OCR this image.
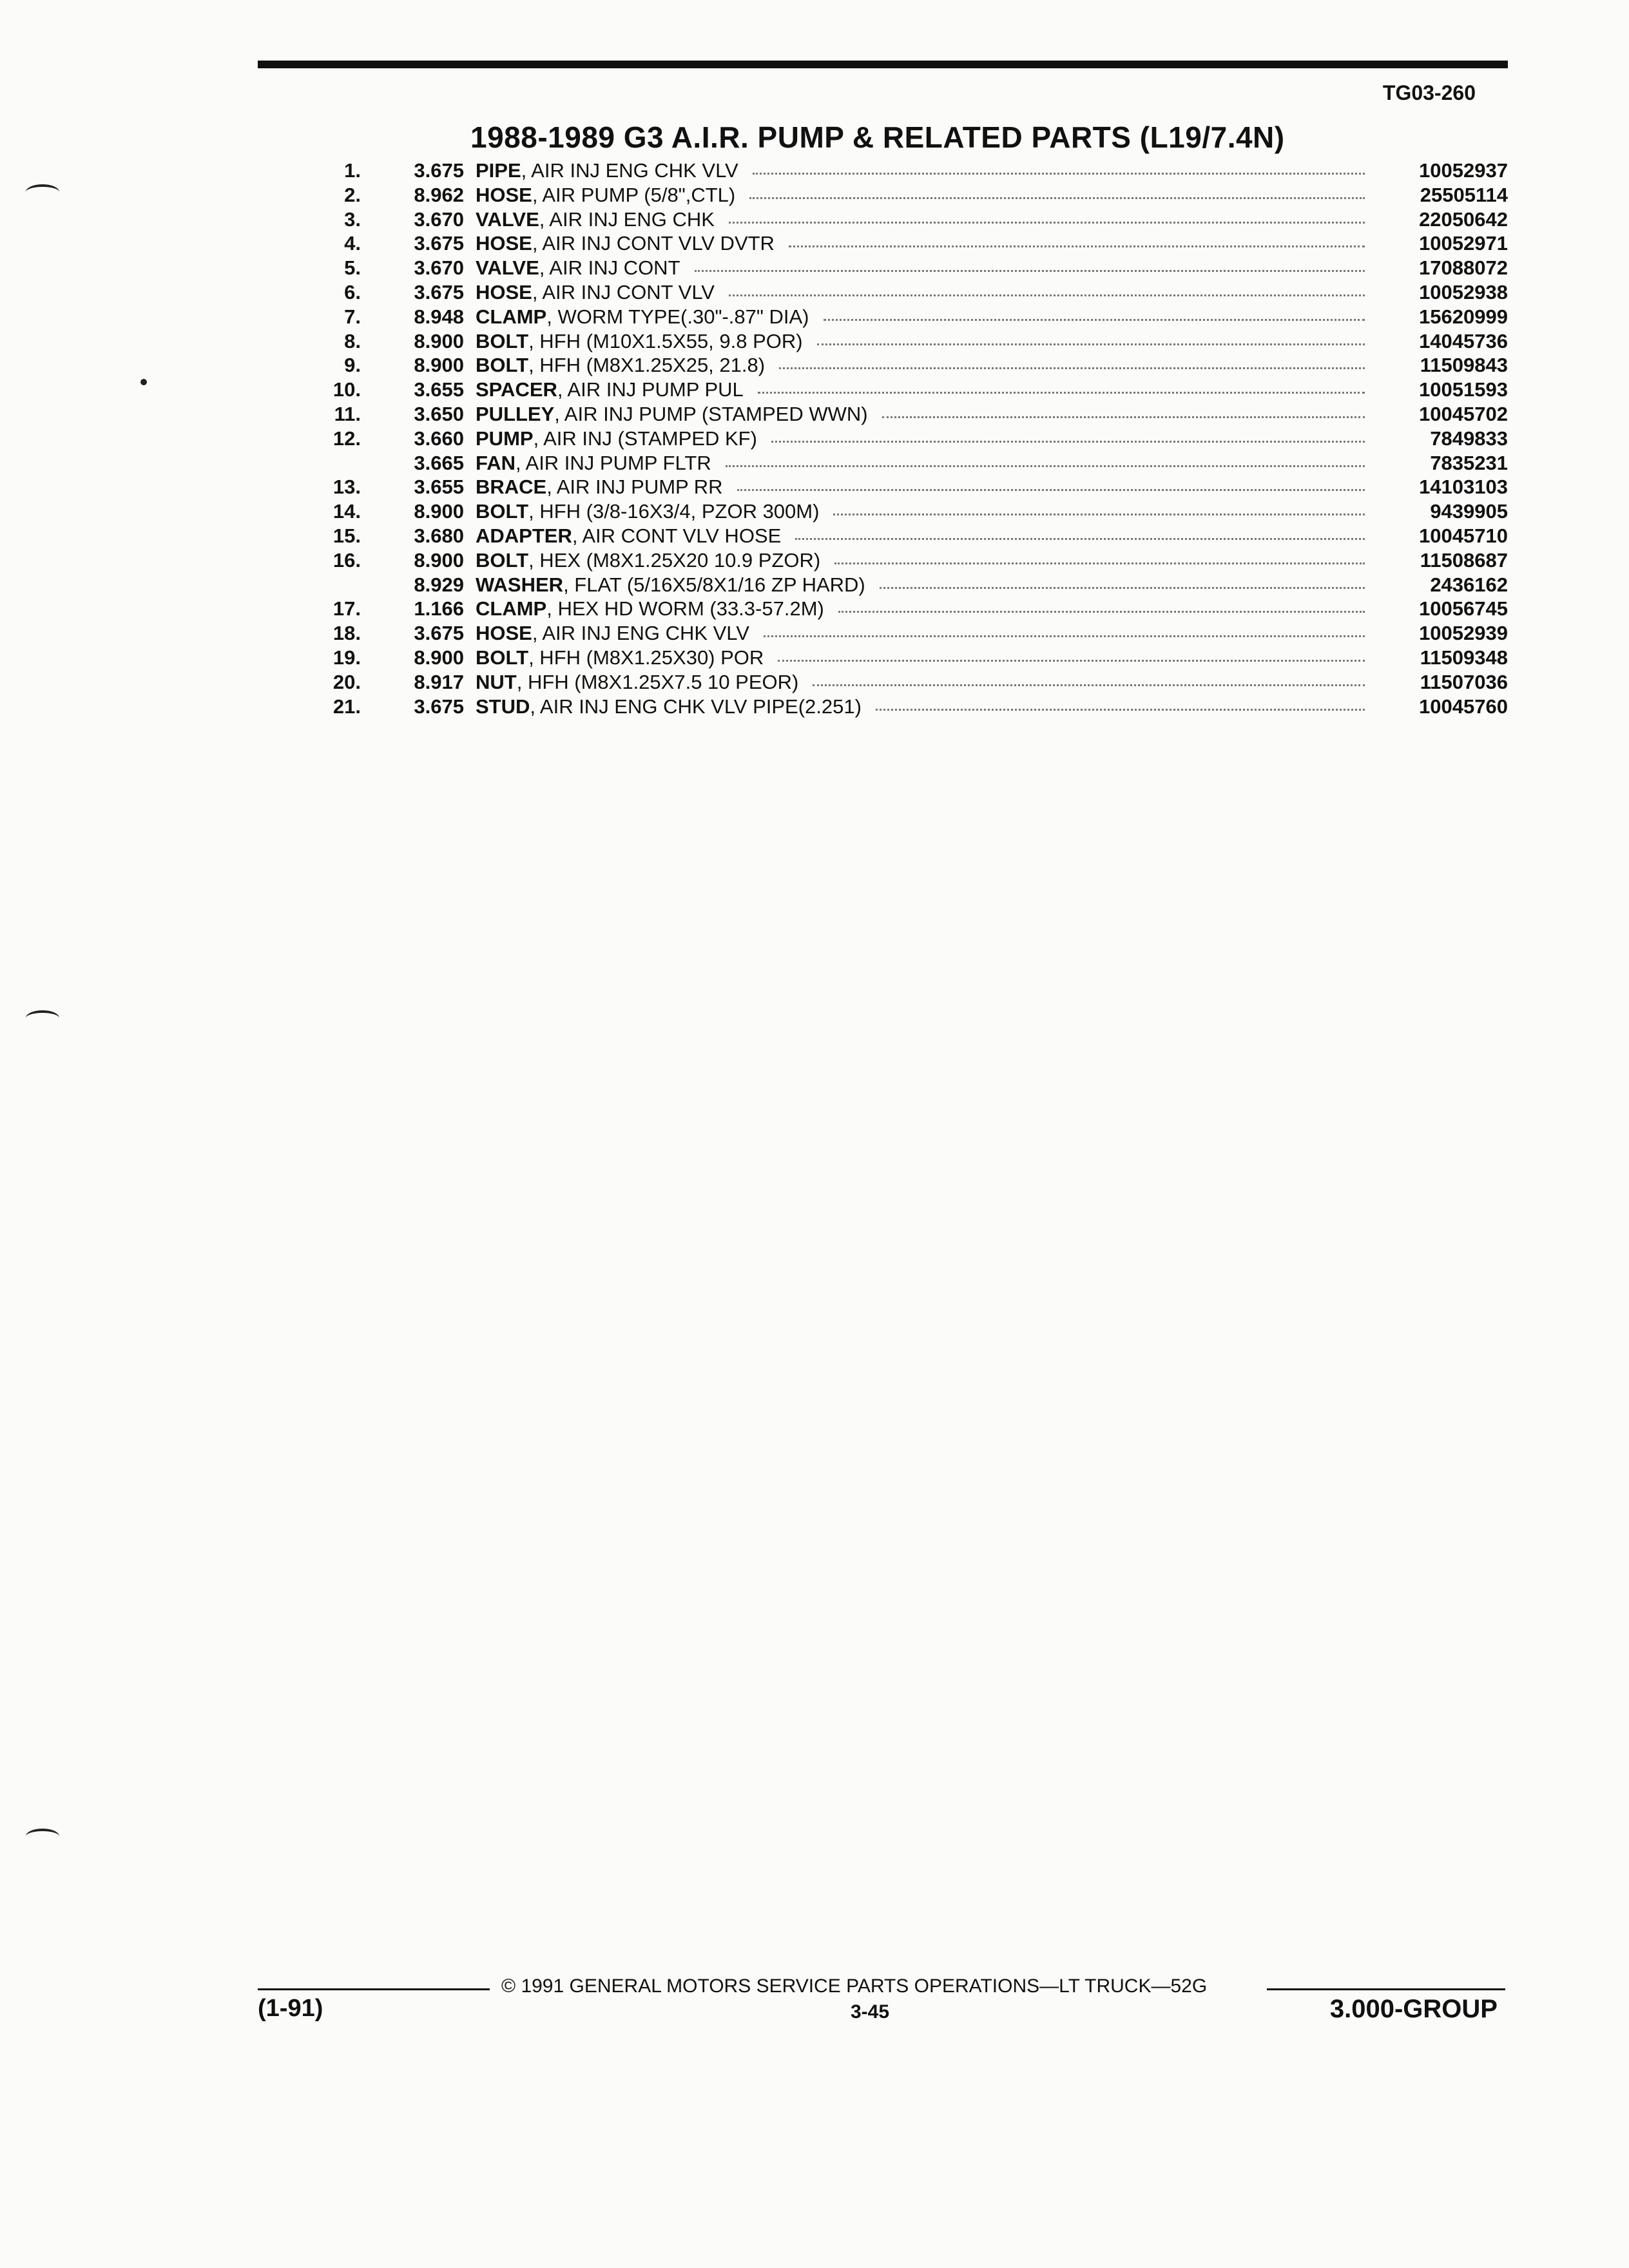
TG03-260
1988-1989 G3 A.I.R. PUMP & RELATED PARTS (L19/7.4N)
1.	3.675 PIPE , AIR INJ ENG CHK VLV	10052937
2.	8.962 HOSE , AIR PUMP (5/8",CTL)	25505114
3.	3.670 VALVE , AIR INJ ENG CHK	22050642
4.	3.675 HOSE , AIR INJ CONT VLV DVTR	10052971
5.	3.670 VALVE , AIR INJ CONT	17088072
6.	3.675 HOSE , AIR INJ CONT VLV	10052938
7.	8.948 CLAMP , WORM TYPE(.30"-.87" DIA)	15620999
8.	8.900 BOLT , HFH (M10X1.5X55, 9.8 POR)	14045736
9.	8.900 BOLT , HFH (M8X1.25X25, 21.8)	11509843
10.	3.655 SPACER , AIR INJ PUMP PUL	10051593
11.	3.650 PULLEY , AIR INJ PUMP (STAMPED WWN)	10045702
12.	3.660 PUMP , AIR INJ (STAMPED KF)	7849833
3.665 FAN , AIR INJ PUMP FLTR	7835231
13.	3.655 BRACE , AIR INJ PUMP RR	14103103
14.	8.900 BOLT , HFH (3/8-16X3/4, PZOR 300M)	9439905
15.	3.680 ADAPTER , AIR CONT VLV HOSE	10045710
16.	8.900 BOLT , HEX (M8X1.25X20 10.9 PZOR)	11508687
8.929 WASHER , FLAT (5/16X5/8X1/16 ZP HARD)	2436162
17.	1.166 CLAMP , HEX HD WORM (33.3-57.2M)	10056745
18.	3.675 HOSE , AIR INJ ENG CHK VLV	10052939
19.	8.900 BOLT , HFH (M8X1.25X30) POR	11509348
20.	8.917 NUT , HFH (M8X1.25X7.5 10 PEOR)	11507036
21.	3.675 STUD , AIR INJ ENG CHK VLV PIPE(2.251)	10045760
© 1991 GENERAL MOTORS SERVICE PARTS OPERATIONS—LT TRUCK—52G
(1-91)	3-45	3.000-GROUP
